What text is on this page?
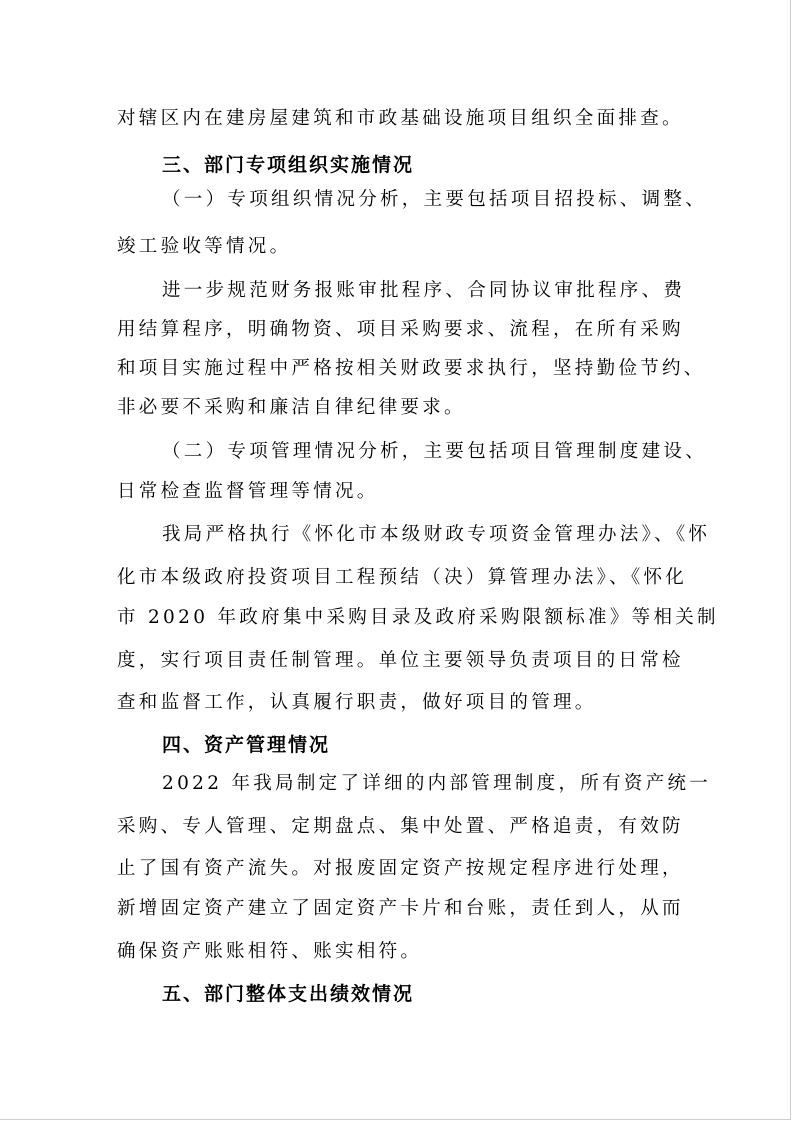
对辖区内在建房屋建筑和市政基础设施项目组织全面排查。
三、部门专项组织实施情况
（一）专项组织情况分析，主要包括项目招投标、调整、
竣工验收等情况。
进一步规范财务报账审批程序、合同协议审批程序、费
用结算程序，明确物资、项目采购要求、流程，在所有采购
和项目实施过程中严格按相关财政要求执行，坚持勤俭节约、
非必要不采购和廉洁自律纪律要求。
（二）专项管理情况分析，主要包括项目管理制度建设、
日常检查监督管理等情况。
我局严格执行《怀化市本级财政专项资金管理办法》、《怀
化市本级政府投资项目工程预结（决）算管理办法》、《怀化
市 2020 年政府集中采购目录及政府采购限额标准》等相关制
度，实行项目责任制管理。单位主要领导负责项目的日常检
查和监督工作，认真履行职责，做好项目的管理。
四、资产管理情况
2022 年我局制定了详细的内部管理制度，所有资产统一
采购、专人管理、定期盘点、集中处置、严格追责，有效防
止了国有资产流失。对报废固定资产按规定程序进行处理，
新增固定资产建立了固定资产卡片和台账，责任到人，从而
确保资产账账相符、账实相符。
五、部门整体支出绩效情况
